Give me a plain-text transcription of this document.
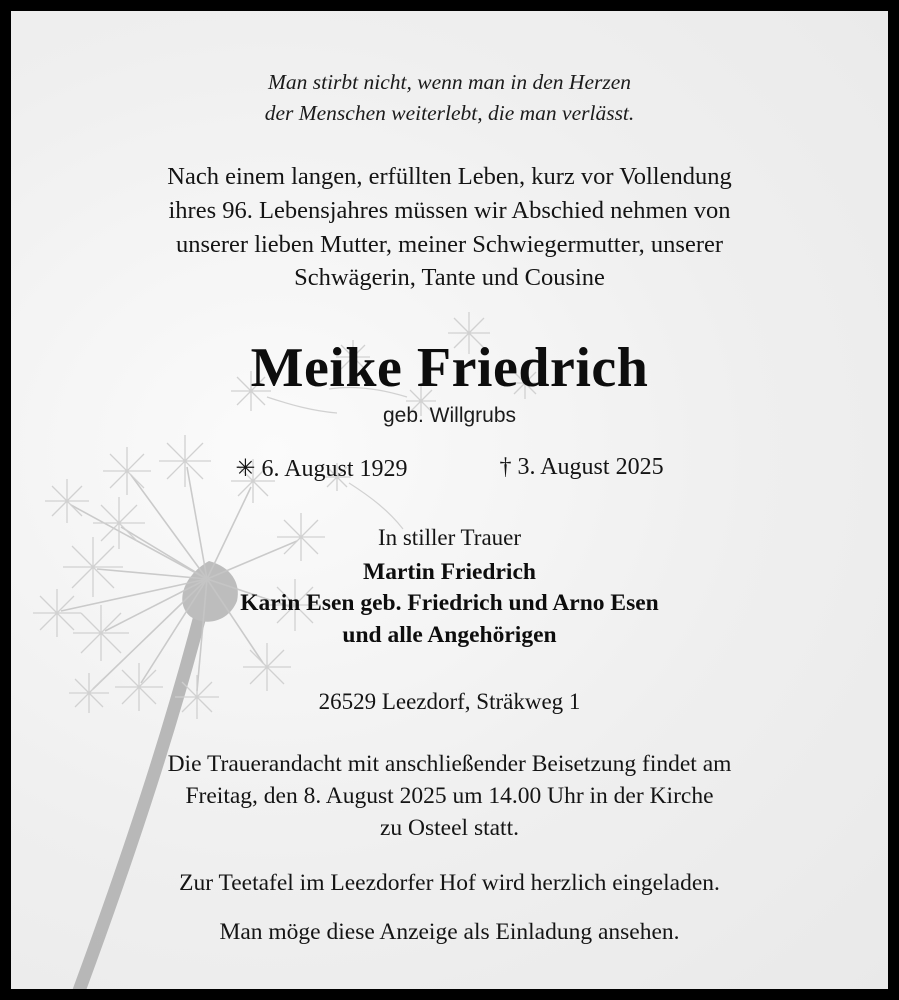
Man stirbt nicht, wenn man in den Herzen
der Menschen weiterlebt, die man verlässt.
Nach einem langen, erfüllten Leben, kurz vor Vollendung
ihres 96. Lebensjahres müssen wir Abschied nehmen von
unserer lieben Mutter, meiner Schwiegermutter, unserer
Schwägerin, Tante und Cousine
Meike Friedrich
geb. Willgrubs
✳ 6. August 1929	† 3. August 2025
In stiller Trauer
Martin Friedrich
Karin Esen geb. Friedrich und Arno Esen
und alle Angehörigen
26529 Leezdorf, Sträkweg 1
Die Trauerandacht mit anschließender Beisetzung findet am
Freitag, den 8. August 2025 um 14.00 Uhr in der Kirche
zu Osteel statt.
Zur Teetafel im Leezdorfer Hof wird herzlich eingeladen.
Man möge diese Anzeige als Einladung ansehen.
